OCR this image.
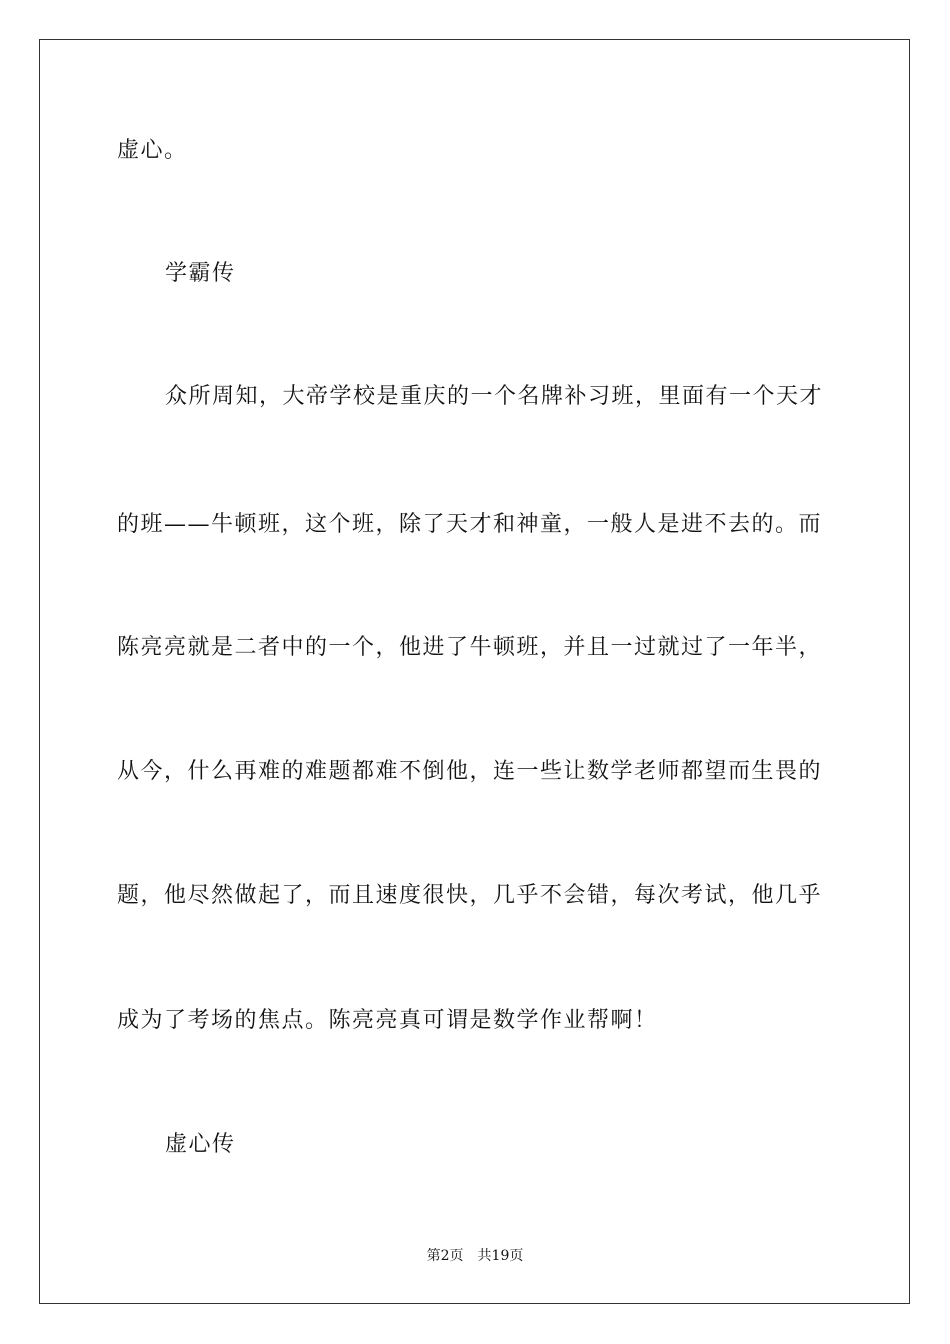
虚心。
学霸传
众所周知，大帝学校是重庆的一个名牌补习班，里面有一个天才
的班——牛顿班，这个班，除了天才和神童，一般人是进不去的。而
陈亮亮就是二者中的一个，他进了牛顿班，并且一过就过了一年半，
从今，什么再难的难题都难不倒他，连一些让数学老师都望而生畏的
题，他尽然做起了，而且速度很快，几乎不会错，每次考试，他几乎
成为了考场的焦点。陈亮亮真可谓是数学作业帮啊！
虚心传
第2页 共19页
